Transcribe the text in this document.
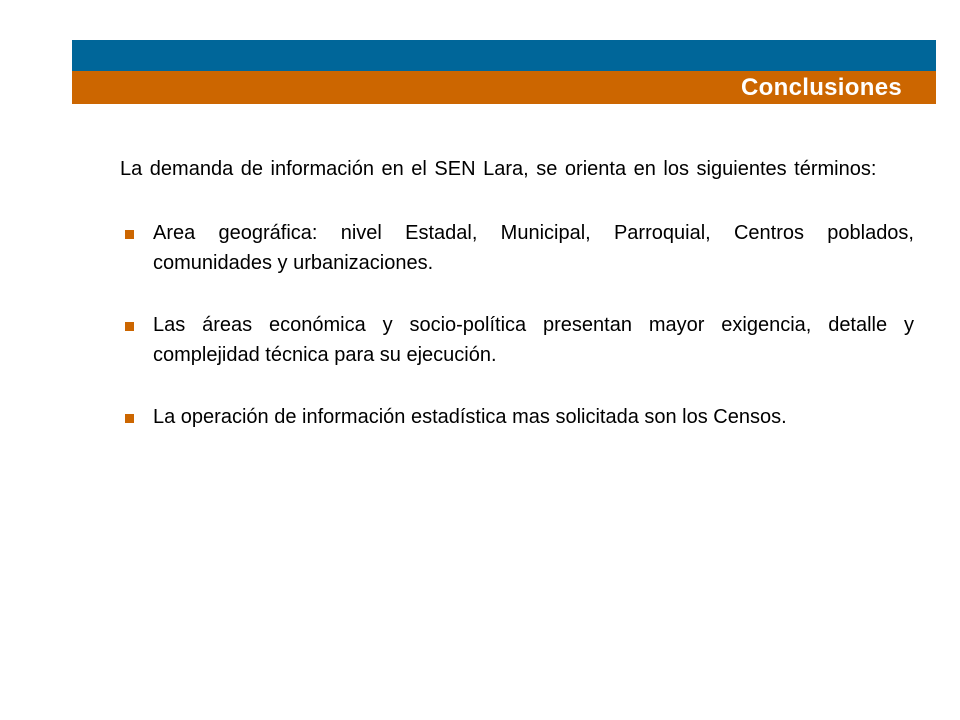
Conclusiones

La demanda de información en el SEN Lara, se orienta en los siguientes términos:

Area geográfica: nivel Estadal, Municipal, Parroquial, Centros poblados, comunidades y urbanizaciones.
Las áreas económica y socio-política presentan mayor exigencia, detalle y complejidad técnica para su ejecución.
La operación de información estadística mas solicitada son los Censos.
